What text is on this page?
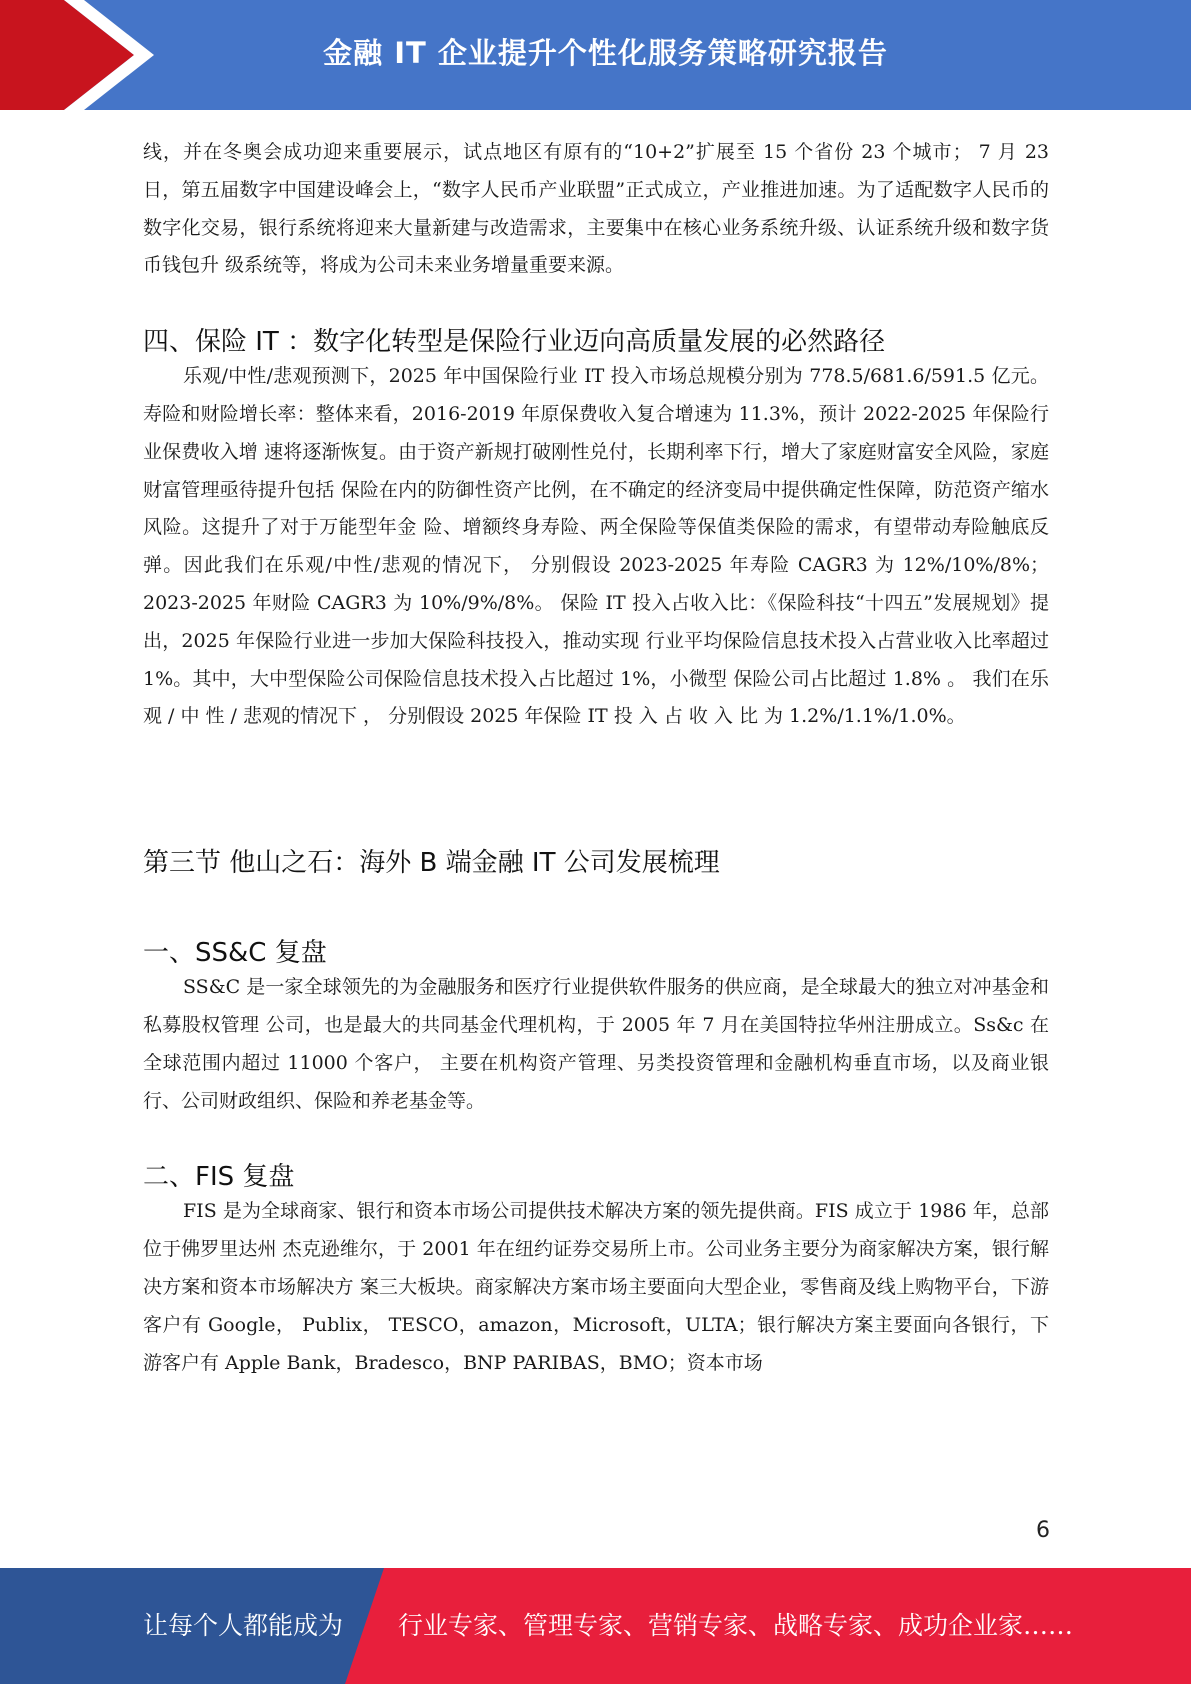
金融 IT 企业提升个性化服务策略研究报告

线，并在冬奥会成功迎来重要展示，试点地区有原有的“10+2”扩展至 15 个省份 23 个城市； 7 月 23 日，第五届数字中国建设峰会上，“数字人民币产业联盟”正式成立，产业推进加速。为了适配数字人民币的 数字化交易，银行系统将迎来大量新建与改造需求，主要集中在核心业务系统升级、认证系统升级和数字货币钱包升 级系统等，将成为公司未来业务增量重要来源。

四、保险 IT ：数字化转型是保险行业迈向高质量发展的必然路径

乐观/中性/悲观预测下，2025 年中国保险行业 IT 投入市场总规模分别为 778.5/681.6/591.5 亿元。 寿险和财险增长率：整体来看，2016-2019 年原保费收入复合增速为 11.3%，预计 2022-2025 年保险行业保费收入增 速将逐渐恢复。由于资产新规打破刚性兑付，长期利率下行，增大了家庭财富安全风险，家庭财富管理亟待提升包括 保险在内的防御性资产比例，在不确定的经济变局中提供确定性保障，防范资产缩水风险。这提升了对于万能型年金 险、增额终身寿险、两全保险等保值类保险的需求，有望带动寿险触底反弹。因此我们在乐观/中性/悲观的情况下， 分别假设 2023-2025 年寿险 CAGR3 为 12%/10%/8%；2023-2025 年财险 CAGR3 为 10%/9%/8%。 保险 IT 投入占收入比：《保险科技“十四五”发展规划》提出，2025 年保险行业进一步加大保险科技投入，推动实现 行业平均保险信息技术投入占营业收入比率超过 1%。其中，大中型保险公司保险信息技术投入占比超过 1%，小微型 保险公司占比超过 1.8% 。 我们在乐观 / 中 性 / 悲观的情况下 ， 分别假设 2025 年保险 IT 投 入 占 收 入 比 为 1.2%/1.1%/1.0%。

第三节 他山之石：海外 B 端金融 IT 公司发展梳理
一、SS&C 复盘

SS&C 是一家全球领先的为金融服务和医疗行业提供软件服务的供应商，是全球最大的独立对冲基金和私募股权管理 公司，也是最大的共同基金代理机构，于 2005 年 7 月在美国特拉华州注册成立。Ss&c 在全球范围内超过 11000 个客户， 主要在机构资产管理、另类投资管理和金融机构垂直市场，以及商业银行、公司财政组织、保险和养老基金等。

二、FIS 复盘

FIS 是为全球商家、银行和资本市场公司提供技术解决方案的领先提供商。FIS 成立于 1986 年，总部位于佛罗里达州 杰克逊维尔，于 2001 年在纽约证券交易所上市。公司业务主要分为商家解决方案，银行解决方案和资本市场解决方 案三大板块。商家解决方案市场主要面向大型企业，零售商及线上购物平台，下游客户有 Google， Publix， TESCO，amazon，Microsoft，ULTA；银行解决方案主要面向各银行，下游客户有 Apple Bank，Bradesco，BNP PARIBAS，BMO；资本市场

6
让每个人都能成为 行业专家、管理专家、营销专家、战略专家、成功企业家……
